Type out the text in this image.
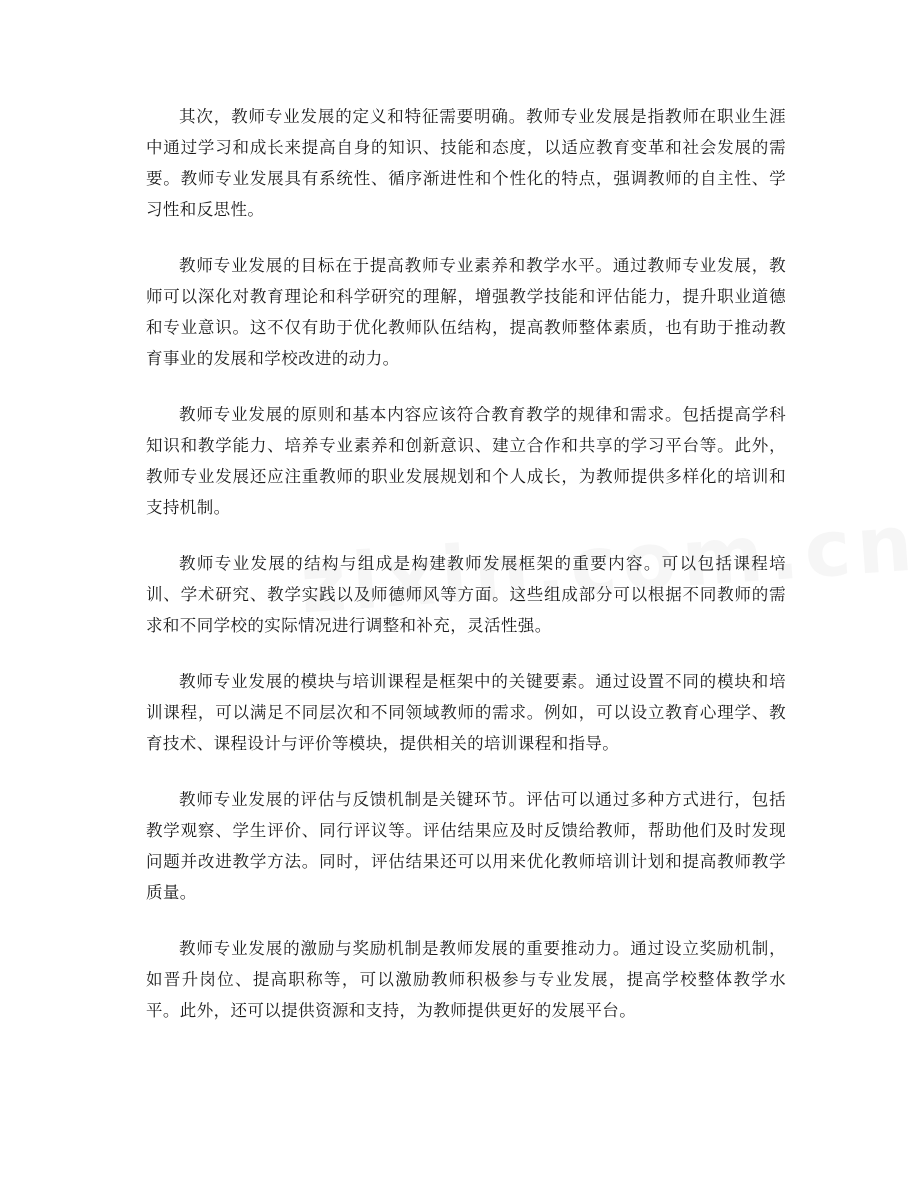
其次，教师专业发展的定义和特征需要明确。教师专业发展是指教师在职业生涯中通过学习和成长来提高自身的知识、技能和态度，以适应教育变革和社会发展的需要。教师专业发展具有系统性、循序渐进性和个性化的特点，强调教师的自主性、学习性和反思性。

教师专业发展的目标在于提高教师专业素养和教学水平。通过教师专业发展，教师可以深化对教育理论和科学研究的理解，增强教学技能和评估能力，提升职业道德和专业意识。这不仅有助于优化教师队伍结构，提高教师整体素质，也有助于推动教育事业的发展和学校改进的动力。

教师专业发展的原则和基本内容应该符合教育教学的规律和需求。包括提高学科知识和教学能力、培养专业素养和创新意识、建立合作和共享的学习平台等。此外，教师专业发展还应注重教师的职业发展规划和个人成长，为教师提供多样化的培训和支持机制。

教师专业发展的结构与组成是构建教师发展框架的重要内容。可以包括课程培训、学术研究、教学实践以及师德师风等方面。这些组成部分可以根据不同教师的需求和不同学校的实际情况进行调整和补充，灵活性强。

教师专业发展的模块与培训课程是框架中的关键要素。通过设置不同的模块和培训课程，可以满足不同层次和不同领域教师的需求。例如，可以设立教育心理学、教育技术、课程设计与评价等模块，提供相关的培训课程和指导。

教师专业发展的评估与反馈机制是关键环节。评估可以通过多种方式进行，包括教学观察、学生评价、同行评议等。评估结果应及时反馈给教师，帮助他们及时发现问题并改进教学方法。同时，评估结果还可以用来优化教师培训计划和提高教师教学质量。

教师专业发展的激励与奖励机制是教师发展的重要推动力。通过设立奖励机制，如晋升岗位、提高职称等，可以激励教师积极参与专业发展，提高学校整体教学水平。此外，还可以提供资源和支持，为教师提供更好的发展平台。
